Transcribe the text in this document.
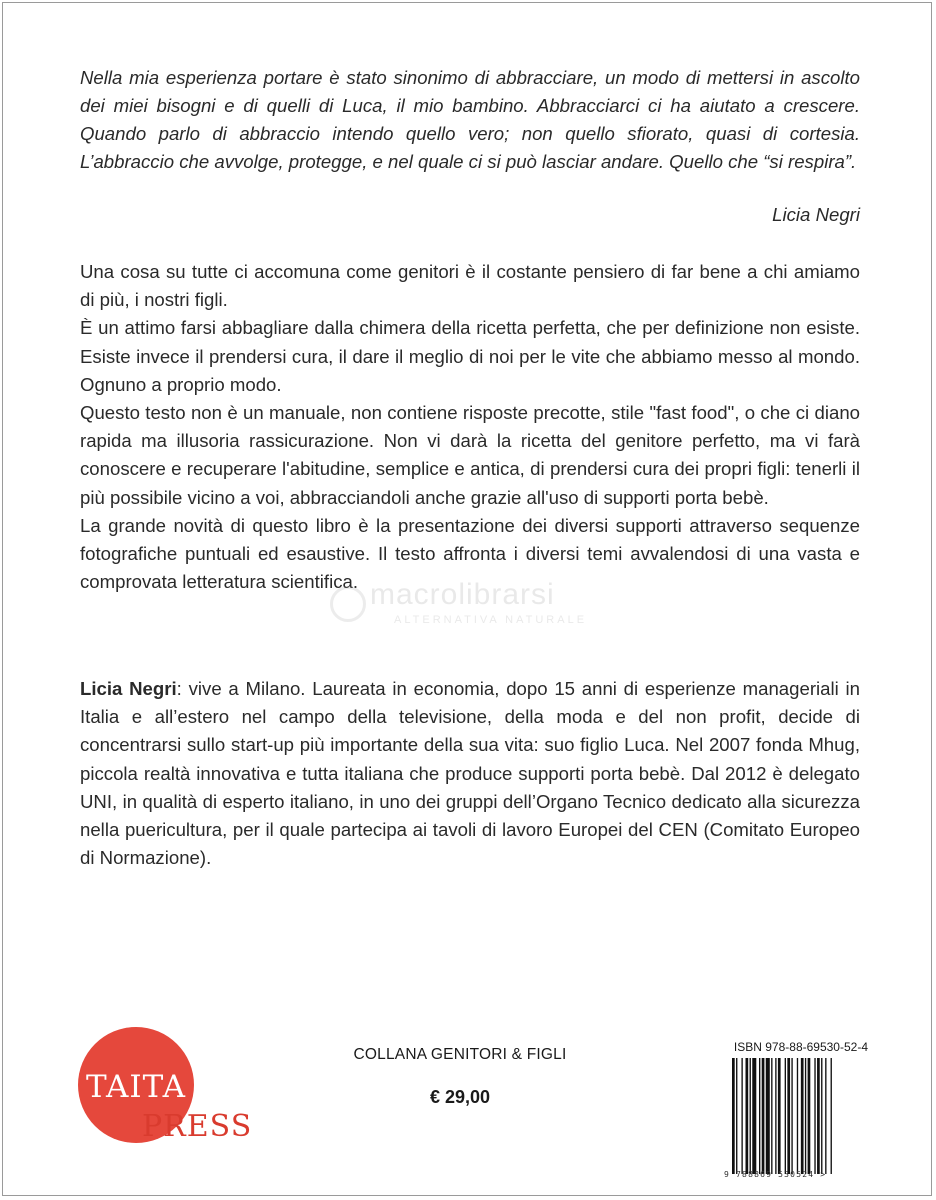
Nella mia esperienza portare è stato sinonimo di abbracciare, un modo di mettersi in ascolto dei miei bisogni e di quelli di Luca, il mio bambino. Abbracciarci ci ha aiutato a crescere. Quando parlo di abbraccio intendo quello vero; non quello sfiorato, quasi di cortesia. L’abbraccio che avvolge, protegge, e nel quale ci si può lasciar andare. Quello che “si respira”.
Licia Negri

Una cosa su tutte ci accomuna come genitori è il costante pensiero di far bene a chi amiamo di più, i nostri figli.

È un attimo farsi abbagliare dalla chimera della ricetta perfetta, che per definizione non esiste. Esiste invece il prendersi cura, il dare il meglio di noi per le vite che abbiamo messo al mondo. Ognuno a proprio modo.

Questo testo non è un manuale, non contiene risposte precotte, stile "fast food", o che ci diano rapida ma illusoria rassicurazione. Non vi darà la ricetta del genitore perfetto, ma vi farà conoscere e recuperare l'abitudine, semplice e antica, di prendersi cura dei propri figli: tenerli il più possibile vicino a voi, abbracciandoli anche grazie all'uso di supporti porta bebè.

La grande novità di questo libro è la presentazione dei diversi supporti attraverso sequenze fotografiche puntuali ed esaustive. Il testo affronta i diversi temi avvalendosi di una vasta e comprovata letteratura scientifica.

Licia Negri: vive a Milano. Laureata in economia, dopo 15 anni di esperienze manageriali in Italia e all’estero nel campo della televisione, della moda e del non profit, decide di concentrarsi sullo start-up più importante della sua vita: suo figlio Luca. Nel 2007 fonda Mhug, piccola realtà innovativa e tutta italiana che produce supporti porta bebè. Dal 2012 è delegato UNI, in qualità di esperto italiano, in uno dei gruppi dell’Organo Tecnico dedicato alla sicurezza nella puericultura, per il quale partecipa ai tavoli di lavoro Europei del CEN (Comitato Europeo di Normazione).

TAITA
PRESS
COLLANA GENITORI & FIGLI
€ 29,00
ISBN 978-88-69530-52-4
9 788869 530524 >
